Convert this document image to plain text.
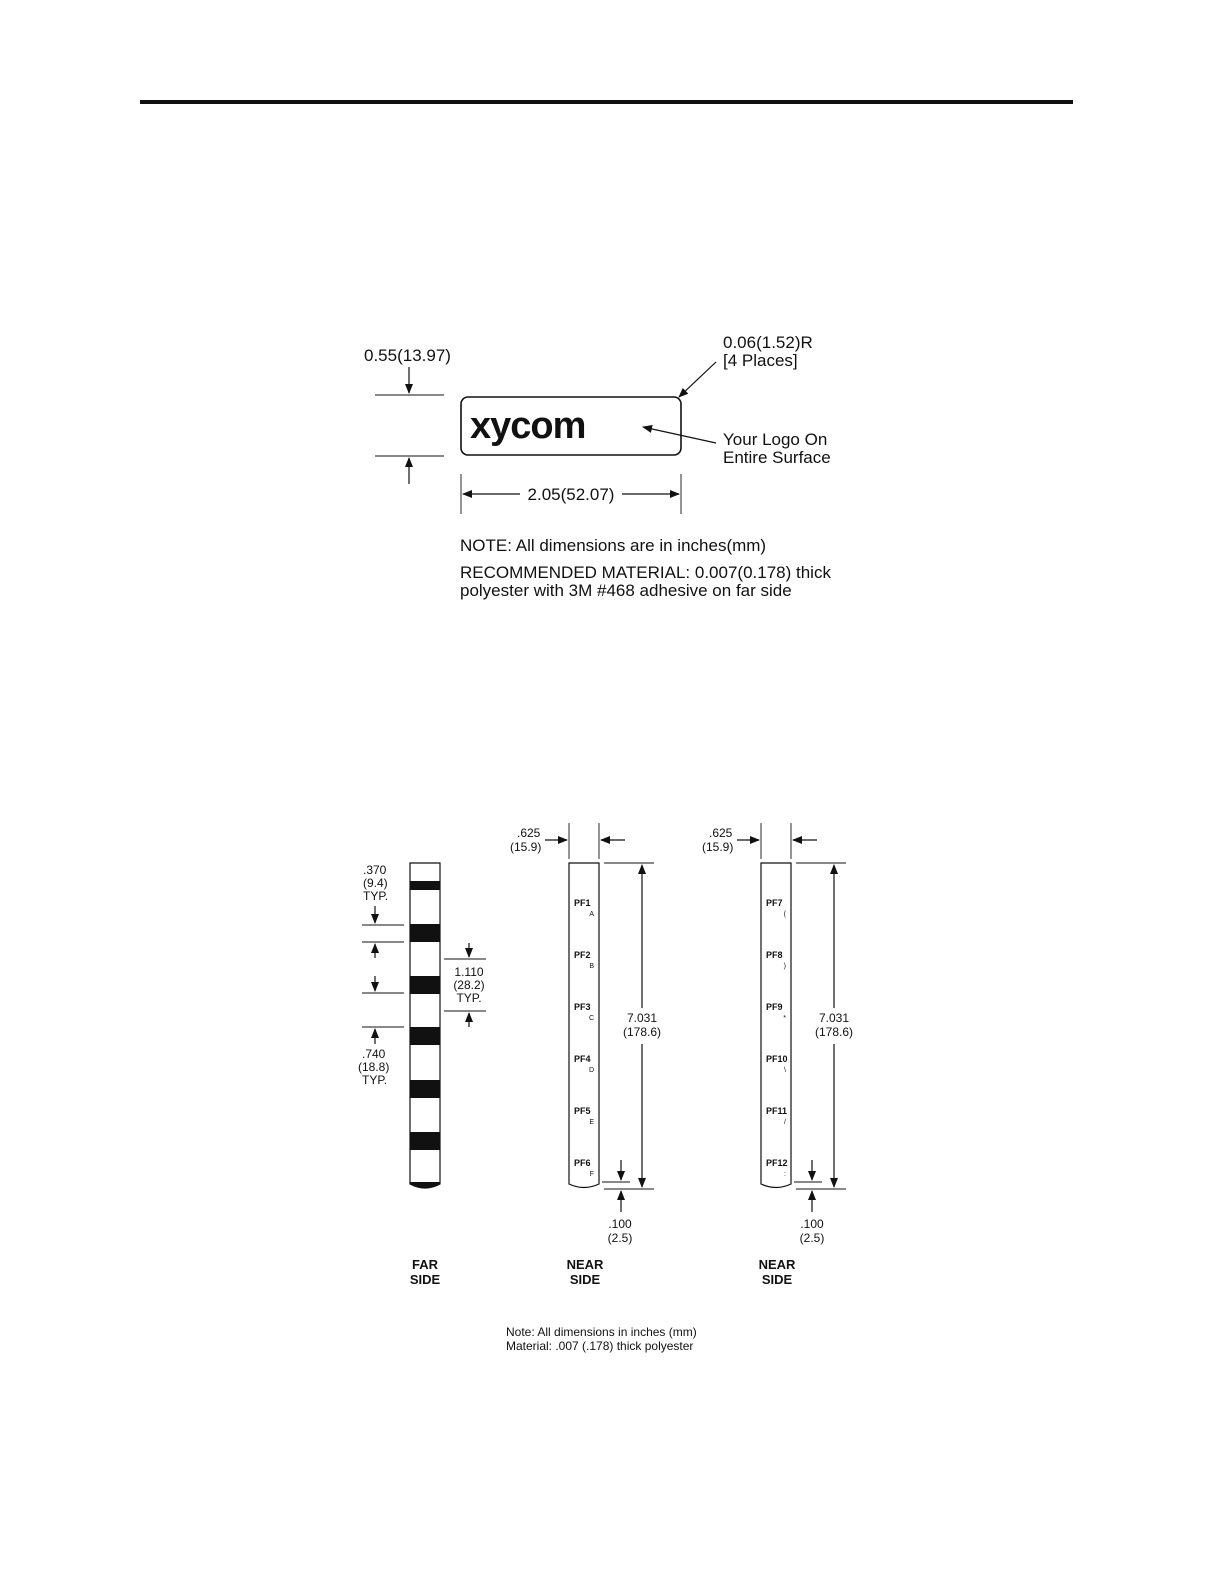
0.55(13.97)
xycom
0.06(1.52)R
[4 Places]
Your Logo On
Entire Surface
2.05(52.07)
NOTE: All dimensions are in inches(mm)
RECOMMENDED MATERIAL: 0.007(0.178) thick
polyester with 3M #468 adhesive on far side
.370
(9.4)
TYP.
.740
(18.8)
TYP.
1.110
(28.2)
TYP.
FAR
SIDE
.625
(15.9)
PF1
A
PF2
B
PF3
C
PF4
D
PF5
E
PF6
F
7.031
(178.6)
.100
(2.5)
NEAR
SIDE
.625
(15.9)
PF7
(
PF8
)
PF9
*
PF10
\
PF11
/
PF12
:
7.031
(178.6)
.100
(2.5)
NEAR
SIDE
Note: All dimensions in inches (mm)
Material: .007 (.178) thick polyester
